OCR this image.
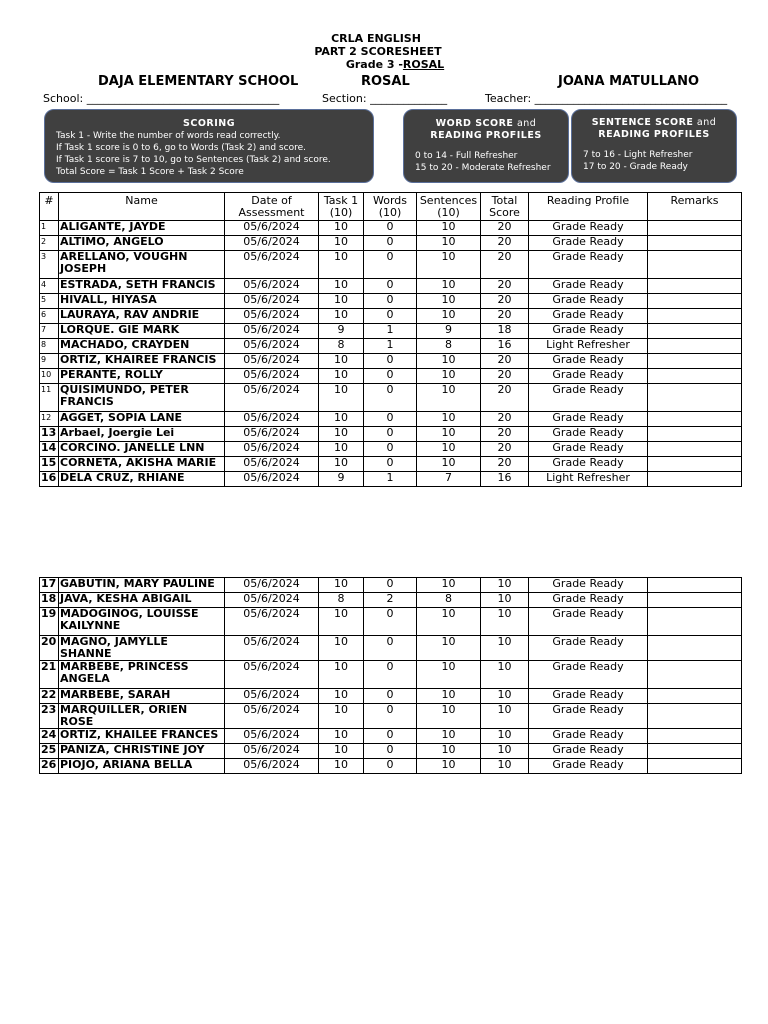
CRLA ENGLISH
PART 2 SCORESHEET
Grade 3 -ROSAL
DAJA ELEMENTARY SCHOOL	ROSAL	JOANA MATULLANO
School: ___________________________________	Section: ______________	Teacher: ___________________________________
SCORING
Task 1 - Write the number of words read correctly.
If Task 1 score is 0 to 6, go to Words (Task 2) and score.
If Task 1 score is 7 to 10, go to Sentences (Task 2) and score.
Total Score = Task 1 Score + Task 2 Score
WORD SCORE and
READING PROFILES
0 to 14 - Full Refresher
15 to 20 - Moderate Refresher
SENTENCE SCORE and
READING PROFILES
7 to 16 - Light Refresher
17 to 20 - Grade Ready
#	Name	Date of Assessment	Task 1 (10)	Words (10)	Sentences (10)	Total Score	Reading Profile	Remarks
1	ALIGANTE, JAYDE	05/6/2024	10	0	10	20	Grade Ready	
2	ALTIMO, ANGELO	05/6/2024	10	0	10	20	Grade Ready	
3	ARELLANO, VOUGHN JOSEPH	05/6/2024	10	0	10	20	Grade Ready	
4	ESTRADA, SETH FRANCIS	05/6/2024	10	0	10	20	Grade Ready	
5	HIVALL, HIYASA	05/6/2024	10	0	10	20	Grade Ready	
6	LAURAYA, RAV ANDRIE	05/6/2024	10	0	10	20	Grade Ready	
7	LORQUE. GIE MARK	05/6/2024	9	1	9	18	Grade Ready	
8	MACHADO, CRAYDEN	05/6/2024	8	1	8	16	Light Refresher	
9	ORTIZ, KHAIREE FRANCIS	05/6/2024	10	0	10	20	Grade Ready	
10	PERANTE, ROLLY	05/6/2024	10	0	10	20	Grade Ready	
11	QUISIMUNDO, PETER FRANCIS	05/6/2024	10	0	10	20	Grade Ready	
12	AGGET, SOPIA LANE	05/6/2024	10	0	10	20	Grade Ready	
13	Arbael, Joergie Lei	05/6/2024	10	0	10	20	Grade Ready	
14	CORCINO. JANELLE LNN	05/6/2024	10	0	10	20	Grade Ready	
15	CORNETA, AKISHA MARIE	05/6/2024	10	0	10	20	Grade Ready	
16	DELA CRUZ, RHIANE	05/6/2024	9	1	7	16	Light Refresher	
17	GABUTIN, MARY PAULINE	05/6/2024	10	0	10	10	Grade Ready	
18	JAVA, KESHA ABIGAIL	05/6/2024	8	2	8	10	Grade Ready	
19	MADOGINOG, LOUISSE KAILYNNE	05/6/2024	10	0	10	10	Grade Ready	
20	MAGNO, JAMYLLE SHANNE	05/6/2024	10	0	10	10	Grade Ready	
21	MARBEBE, PRINCESS ANGELA	05/6/2024	10	0	10	10	Grade Ready	
22	MARBEBE, SARAH	05/6/2024	10	0	10	10	Grade Ready	
23	MARQUILLER, ORIEN ROSE	05/6/2024	10	0	10	10	Grade Ready	
24	ORTIZ, KHAILEE FRANCES	05/6/2024	10	0	10	10	Grade Ready	
25	PANIZA, CHRISTINE JOY	05/6/2024	10	0	10	10	Grade Ready	
26	PIOJO, ARIANA BELLA	05/6/2024	10	0	10	10	Grade Ready	
